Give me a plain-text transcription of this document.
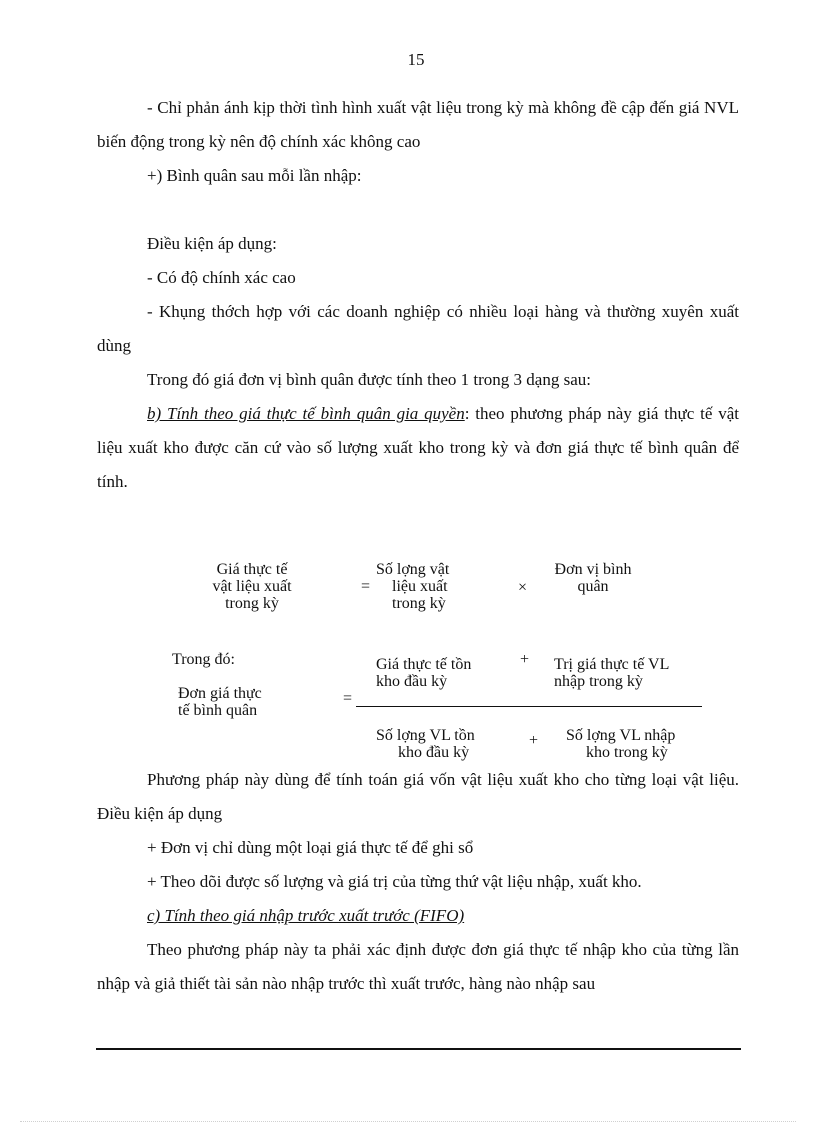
15

- Chỉ phản ánh kịp thời tình hình xuất vật liệu trong kỳ mà không đề cập đến giá NVL biến động trong kỳ nên độ chính xác không cao

+) Bình quân sau mỗi lần nhập:

Điều kiện áp dụng:

- Có độ chính xác cao

- Khụng thớch hợp với các doanh nghiệp có nhiều loại hàng và thường xuyên xuất dùng

Trong đó giá đơn vị bình quân được tính theo 1 trong 3 dạng sau:

b) Tính theo giá thực tế bình quân gia quyền: theo phương pháp này giá thực tế vật liệu xuất kho được căn cứ vào số lượng xuất kho trong kỳ và đơn giá thực tế bình quân để tính.

Giá thực tế
vật liệu xuất
trong kỳ
=
Số lợng vật
liệu xuất
trong kỳ
×
Đơn vị bình
quân
Trong đó:
Đơn giá thực
tế bình quân
=
Giá thực tế tồn
kho đầu kỳ
+ Trị giá thực tế VL
nhập trong kỳ
Số lợng VL tồn
kho đầu kỳ
+ Số lợng VL nhập
kho trong kỳ

Phương pháp này dùng để tính toán giá vốn vật liệu xuất kho cho từng loại vật liệu. Điều kiện áp dụng

+ Đơn vị chỉ dùng một loại giá thực tế để ghi sổ

+ Theo dõi được số lượng và giá trị của từng thứ vật liệu nhập, xuất kho.

c) Tính theo giá nhập trước xuất trước (FIFO)

Theo phương pháp này ta phải xác định được đơn giá thực tế nhập kho của từng lần nhập và giả thiết tài sản nào nhập trước thì xuất trước, hàng nào nhập sau
